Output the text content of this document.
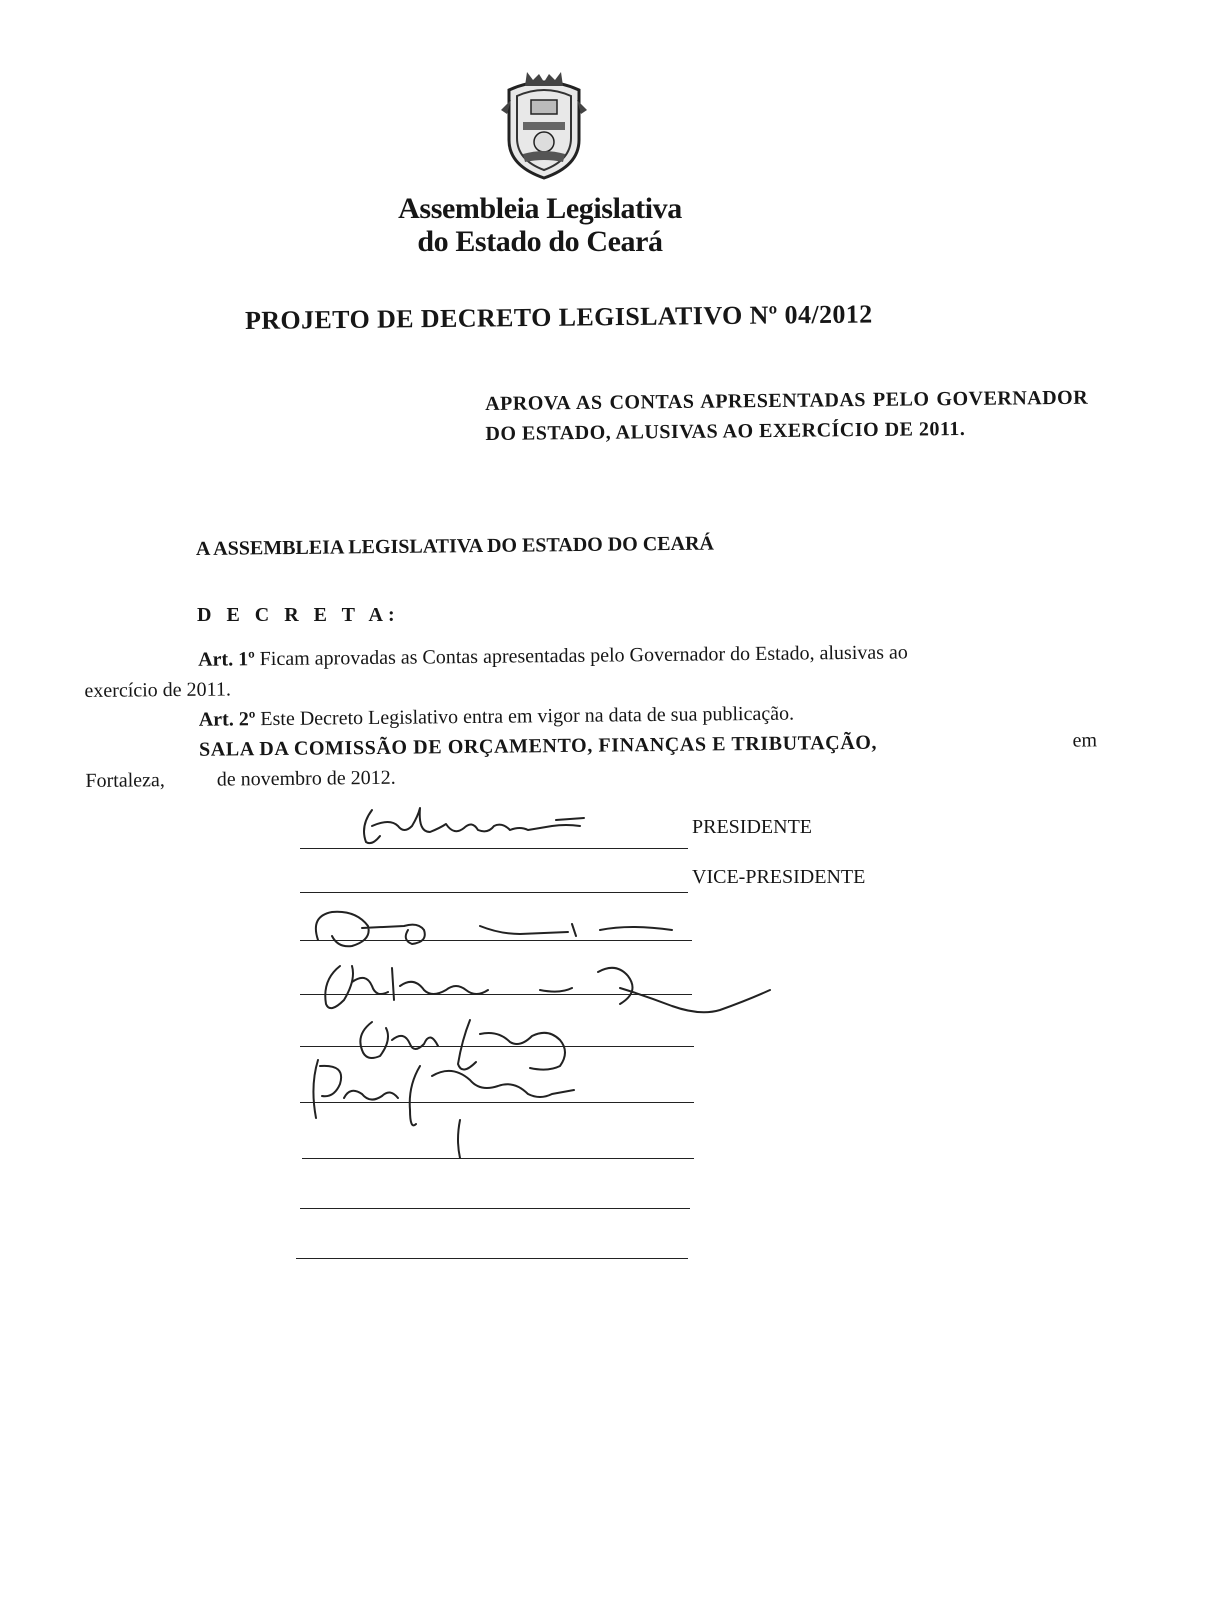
Assembleia Legislativa
do Estado do Ceará
PROJETO DE DECRETO LEGISLATIVO Nº 04/2012
APROVA AS CONTAS APRESENTADAS PELO GOVERNADOR DO ESTADO, ALUSIVAS AO EXERCÍCIO DE 2011.
A ASSEMBLEIA LEGISLATIVA DO ESTADO DO CEARÁ
D E C R E T A:
Art. 1º
Ficam aprovadas as Contas apresentadas pelo Governador do Estado, alusivas ao
exercício de 2011.
Art. 2º
Este Decreto Legislativo entra em vigor na data de sua publicação.
SALA DA COMISSÃO DE ORÇAMENTO, FINANÇAS E TRIBUTAÇÃO,	em
Fortaleza,	de novembro de 2012.
PRESIDENTE
VICE-PRESIDENTE
